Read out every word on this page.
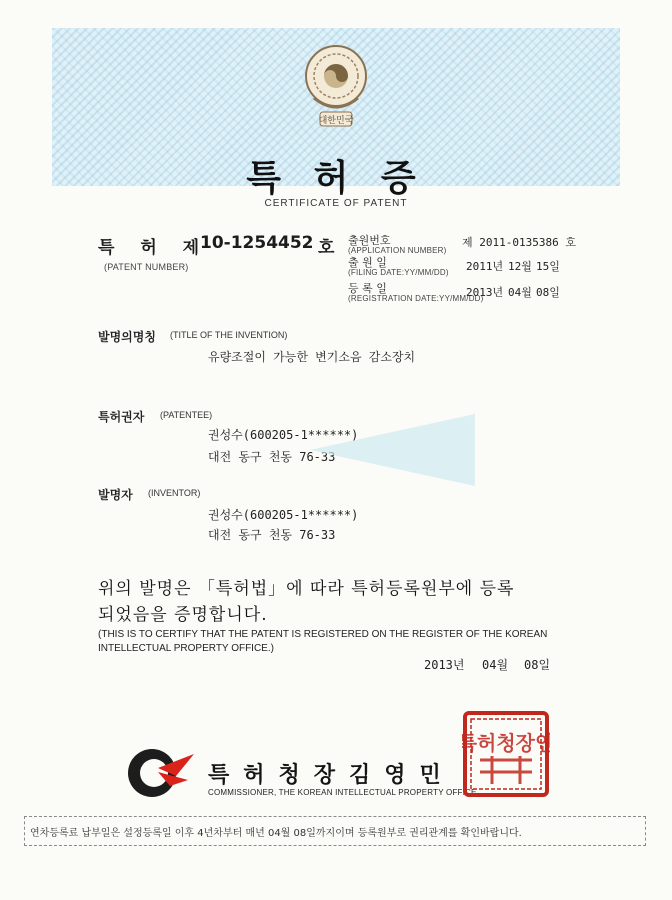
대한민국
특 허 증
CERTIFICATE OF PATENT
특 허 제
10-1254452 호
(PATENT NUMBER)
출원번호
(APPLICATION NUMBER)
제 2011-0135386 호
출 원 일
(FILING DATE:YY/MM/DD) 2011년 12월 15일
등 록 일
(REGISTRATION DATE:YY/MM/DD)
2013년 04월 08일
발명의명칭 (TITLE OF THE INVENTION)
유량조절이 가능한 변기소음 감소장치
특허권자 (PATENTEE)
권성수(600205-1******)
대전 동구 천동 76-33
발명자 (INVENTOR)
권성수(600205-1******)
대전 동구 천동 76-33
위의 발명은 「특허법」에 따라 특허등록원부에 등록
되었음을 증명합니다.
(THIS IS TO CERTIFY THAT THE PATENT IS REGISTERED ON THE REGISTER OF THE KOREAN
INTELLECTUAL PROPERTY OFFICE.)
2013년 04월 08일
특허청장김영민
COMMISSIONER, THE KOREAN INTELLECTUAL PROPERTY OFFICE
특허청장인
연차등록료 납부일은 설정등록일 이후 4년차부터 매년 04월 08일까지이며 등록원부로 권리관계를 확인바랍니다.
